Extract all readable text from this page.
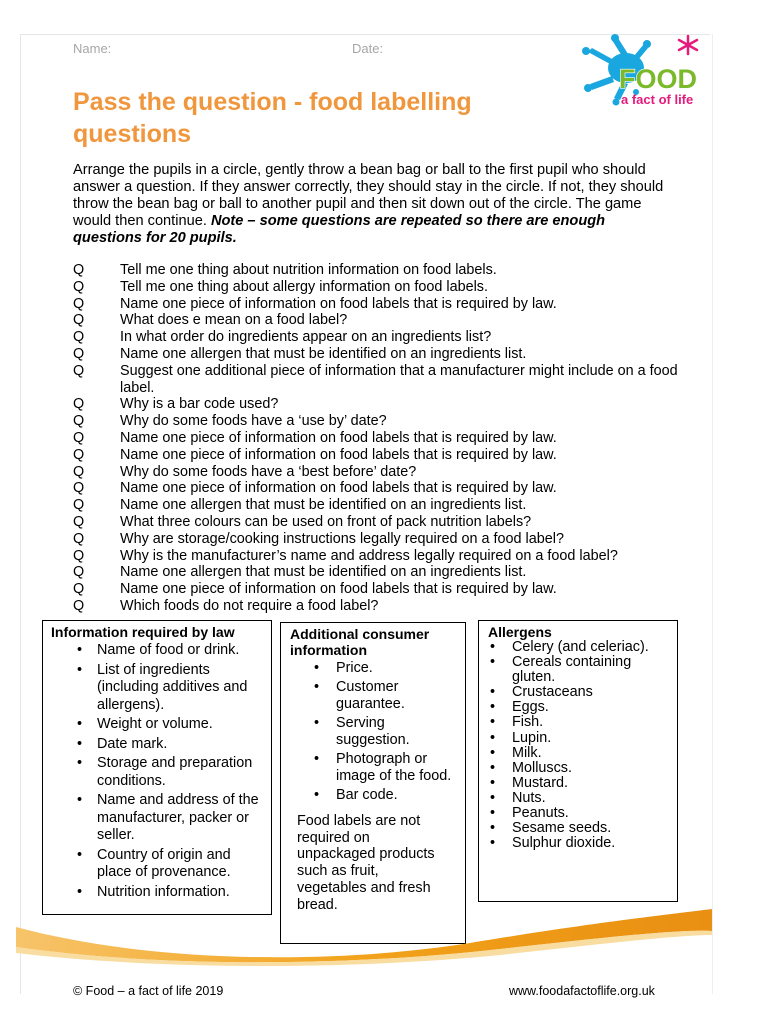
Name:	Date:
FOOD
a fact of life
Pass the question - food labelling questions

Arrange the pupils in a circle, gently throw a bean bag or ball to the first pupil who should answer a question. If they answer correctly, they should stay in the circle. If not, they should throw the bean bag or ball to another pupil and then sit down out of the circle. The game would then continue. Note – some questions are repeated so there are enough questions for 20 pupils.

Q Tell me one thing about nutrition information on food labels.
Q Tell me one thing about allergy information on food labels.
Q Name one piece of information on food labels that is required by law.
Q What does e mean on a food label?
Q In what order do ingredients appear on an ingredients list?
Q Name one allergen that must be identified on an ingredients list.
Q Suggest one additional piece of information that a manufacturer might include on a food label.
Q Why is a bar code used?
Q Why do some foods have a ‘use by’ date?
Q Name one piece of information on food labels that is required by law.
Q Name one piece of information on food labels that is required by law.
Q Why do some foods have a ‘best before’ date?
Q Name one piece of information on food labels that is required by law.
Q Name one allergen that must be identified on an ingredients list.
Q What three colours can be used on front of pack nutrition labels?
Q Why are storage/cooking instructions legally required on a food label?
Q Why is the manufacturer’s name and address legally required on a food label?
Q Name one allergen that must be identified on an ingredients list.
Q Name one piece of information on food labels that is required by law.
Q Which foods do not require a food label?
Information required by law
• Name of food or drink.
• List of ingredients (including additives and allergens).
• Weight or volume.
• Date mark.
• Storage and preparation conditions.
• Name and address of the manufacturer, packer or seller.
• Country of origin and place of provenance.
• Nutrition information.
Additional consumer information
• Price.
• Customer guarantee.
• Serving suggestion.
• Photograph or image of the food.
• Bar code.
Food labels are not required on unpackaged products such as fruit, vegetables and fresh bread.
Allergens
• Celery (and celeriac).
• Cereals containing gluten.
• Crustaceans
• Eggs.
• Fish.
• Lupin.
• Milk.
• Molluscs.
• Mustard.
• Nuts.
• Peanuts.
• Sesame seeds.
• Sulphur dioxide.
© Food – a fact of life 2019	www.foodafactoflife.org.uk
